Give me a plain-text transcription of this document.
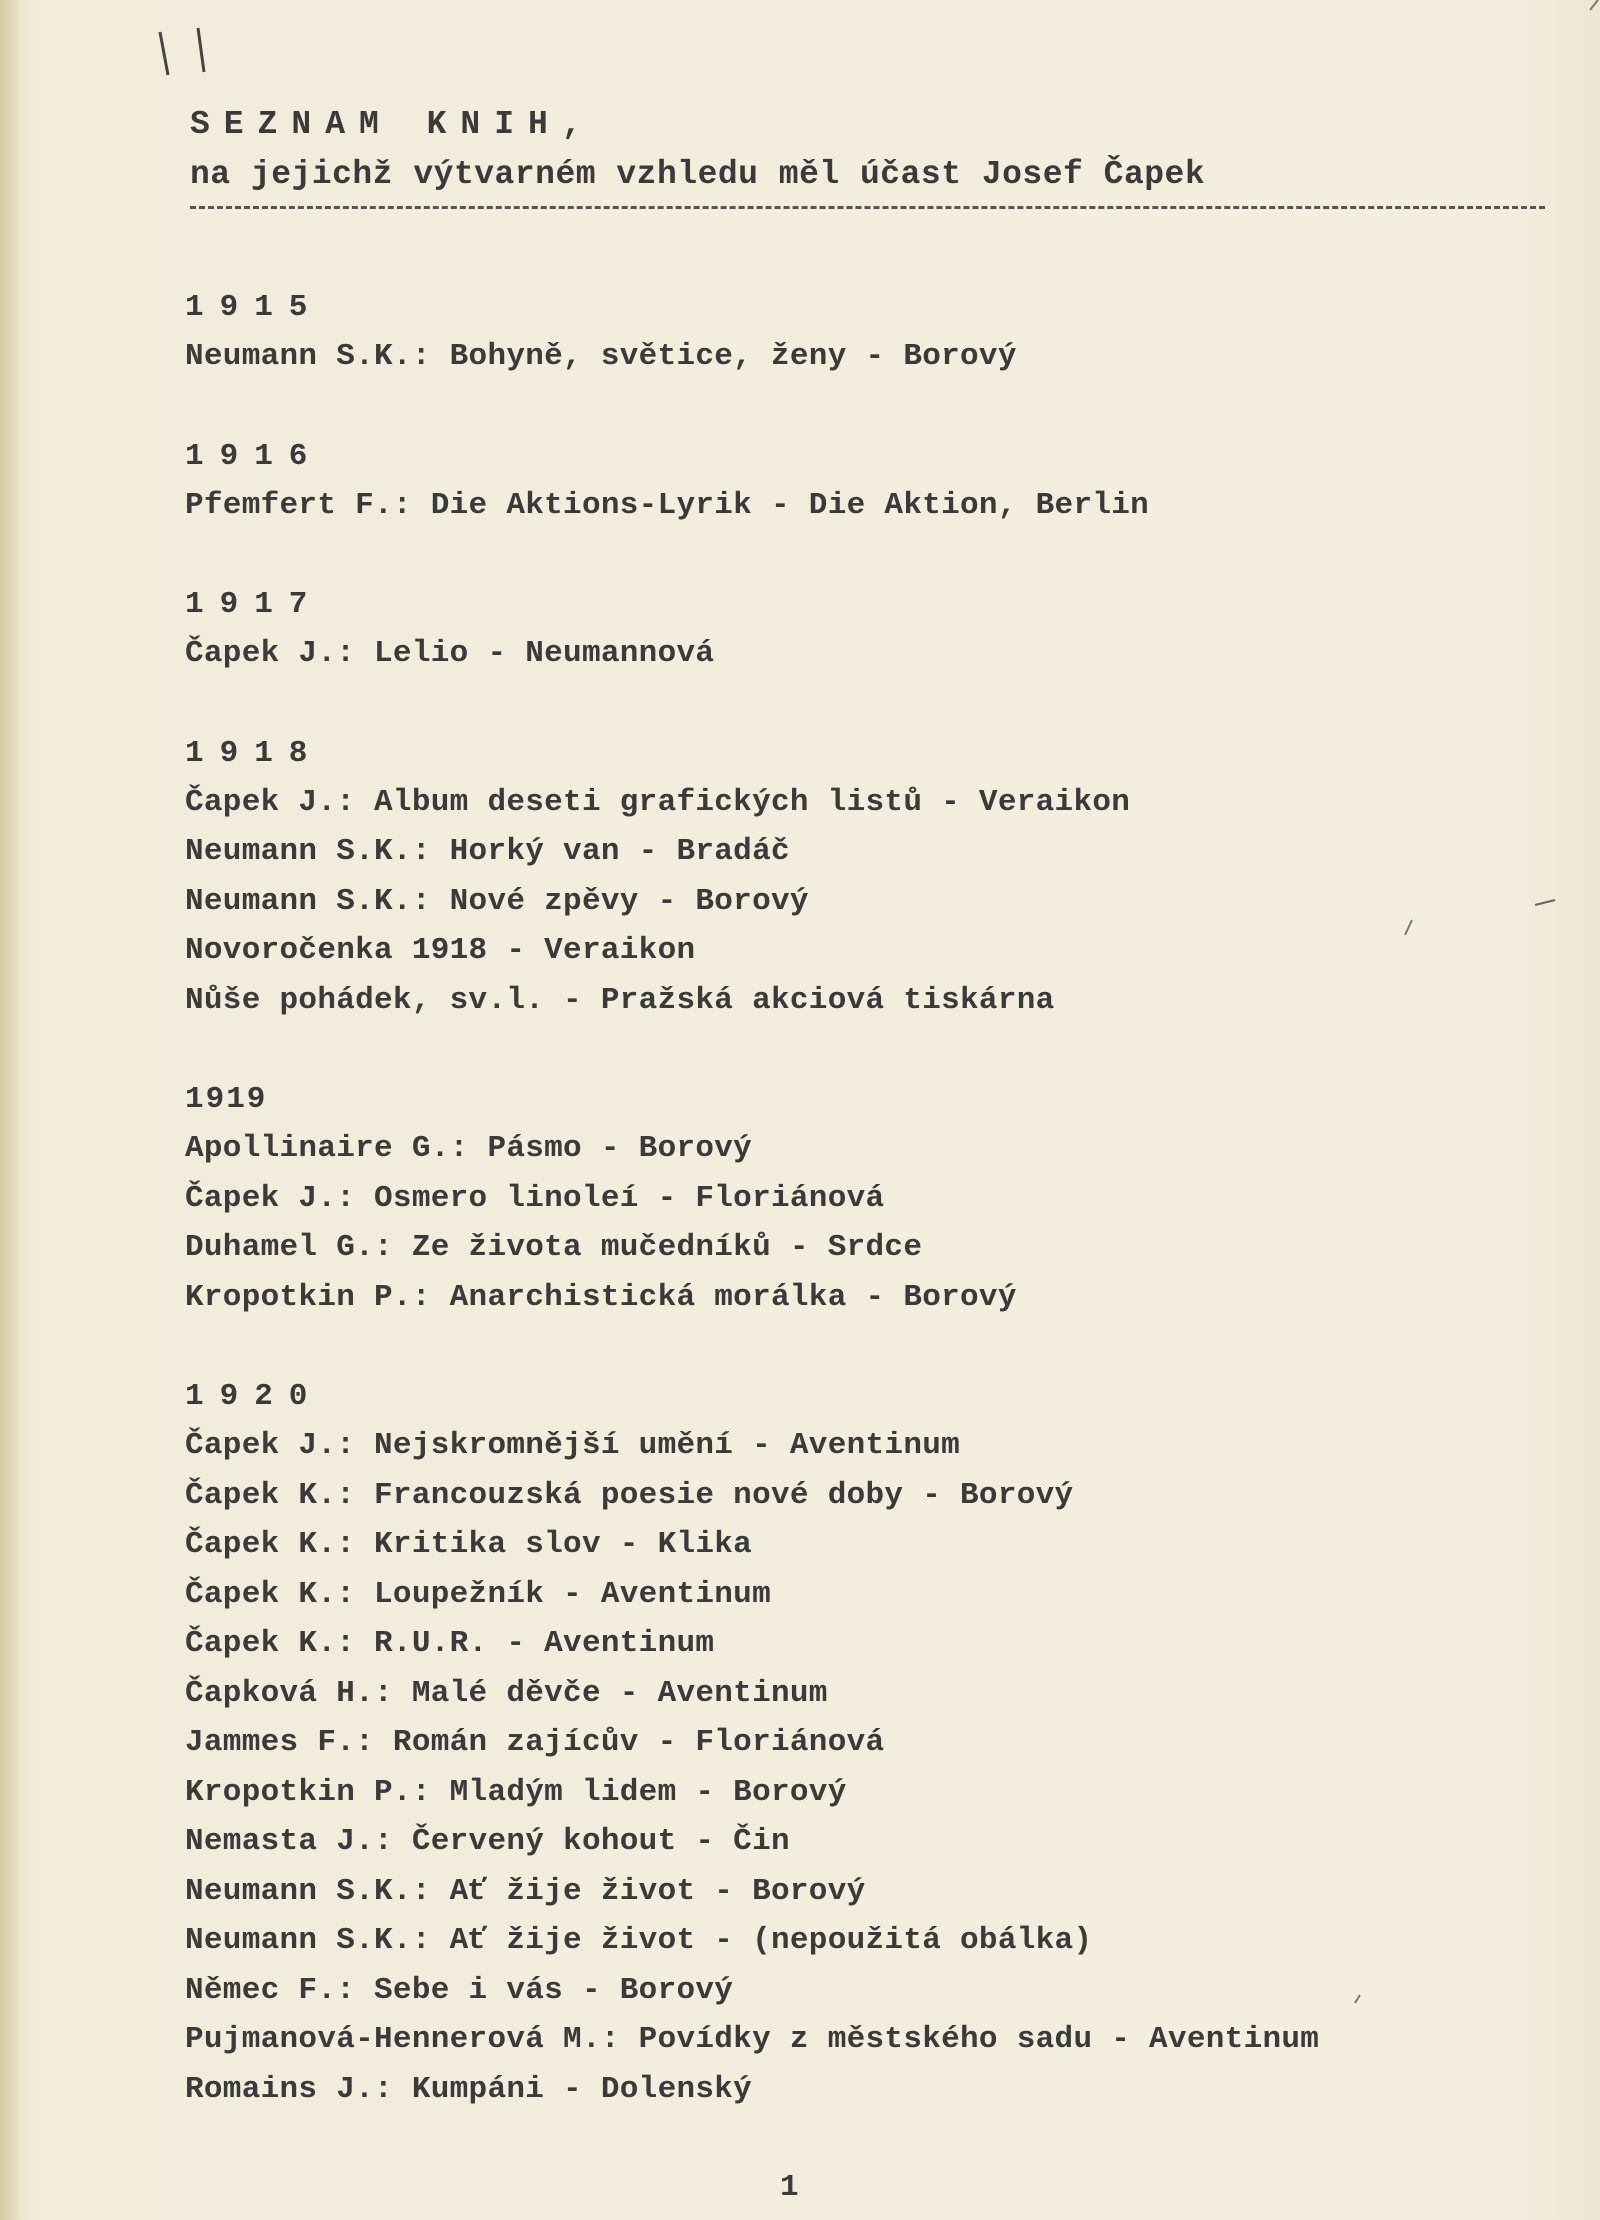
SEZNAM KNIH,
na jejichž výtvarném vzhledu měl účast Josef Čapek
1915
Neumann S.K.: Bohyně, světice, ženy - Borový
1916
Pfemfert F.: Die Aktions-Lyrik - Die Aktion, Berlin
1917
Čapek J.: Lelio - Neumannová
1918
Čapek J.: Album deseti grafických listů - Veraikon
Neumann S.K.: Horký van - Bradáč
Neumann S.K.: Nové zpěvy - Borový
Novoročenka 1918 - Veraikon
Nůše pohádek, sv.l. - Pražská akciová tiskárna
1919
Apollinaire G.: Pásmo - Borový
Čapek J.: Osmero linoleí - Floriánová
Duhamel G.: Ze života mučedníků - Srdce
Kropotkin P.: Anarchistická morálka - Borový
1920
Čapek J.: Nejskromnější umění - Aventinum
Čapek K.: Francouzská poesie nové doby - Borový
Čapek K.: Kritika slov - Klika
Čapek K.: Loupežník - Aventinum
Čapek K.: R.U.R. - Aventinum
Čapková H.: Malé děvče - Aventinum
Jammes F.: Román zajícův - Floriánová
Kropotkin P.: Mladým lidem - Borový
Nemasta J.: Červený kohout - Čin
Neumann S.K.: Ať žije život - Borový
Neumann S.K.: Ať žije život - (nepoužitá obálka)
Němec F.: Sebe i vás - Borový
Pujmanová-Hennerová M.: Povídky z městského sadu - Aventinum
Romains J.: Kumpáni - Dolenský
1
